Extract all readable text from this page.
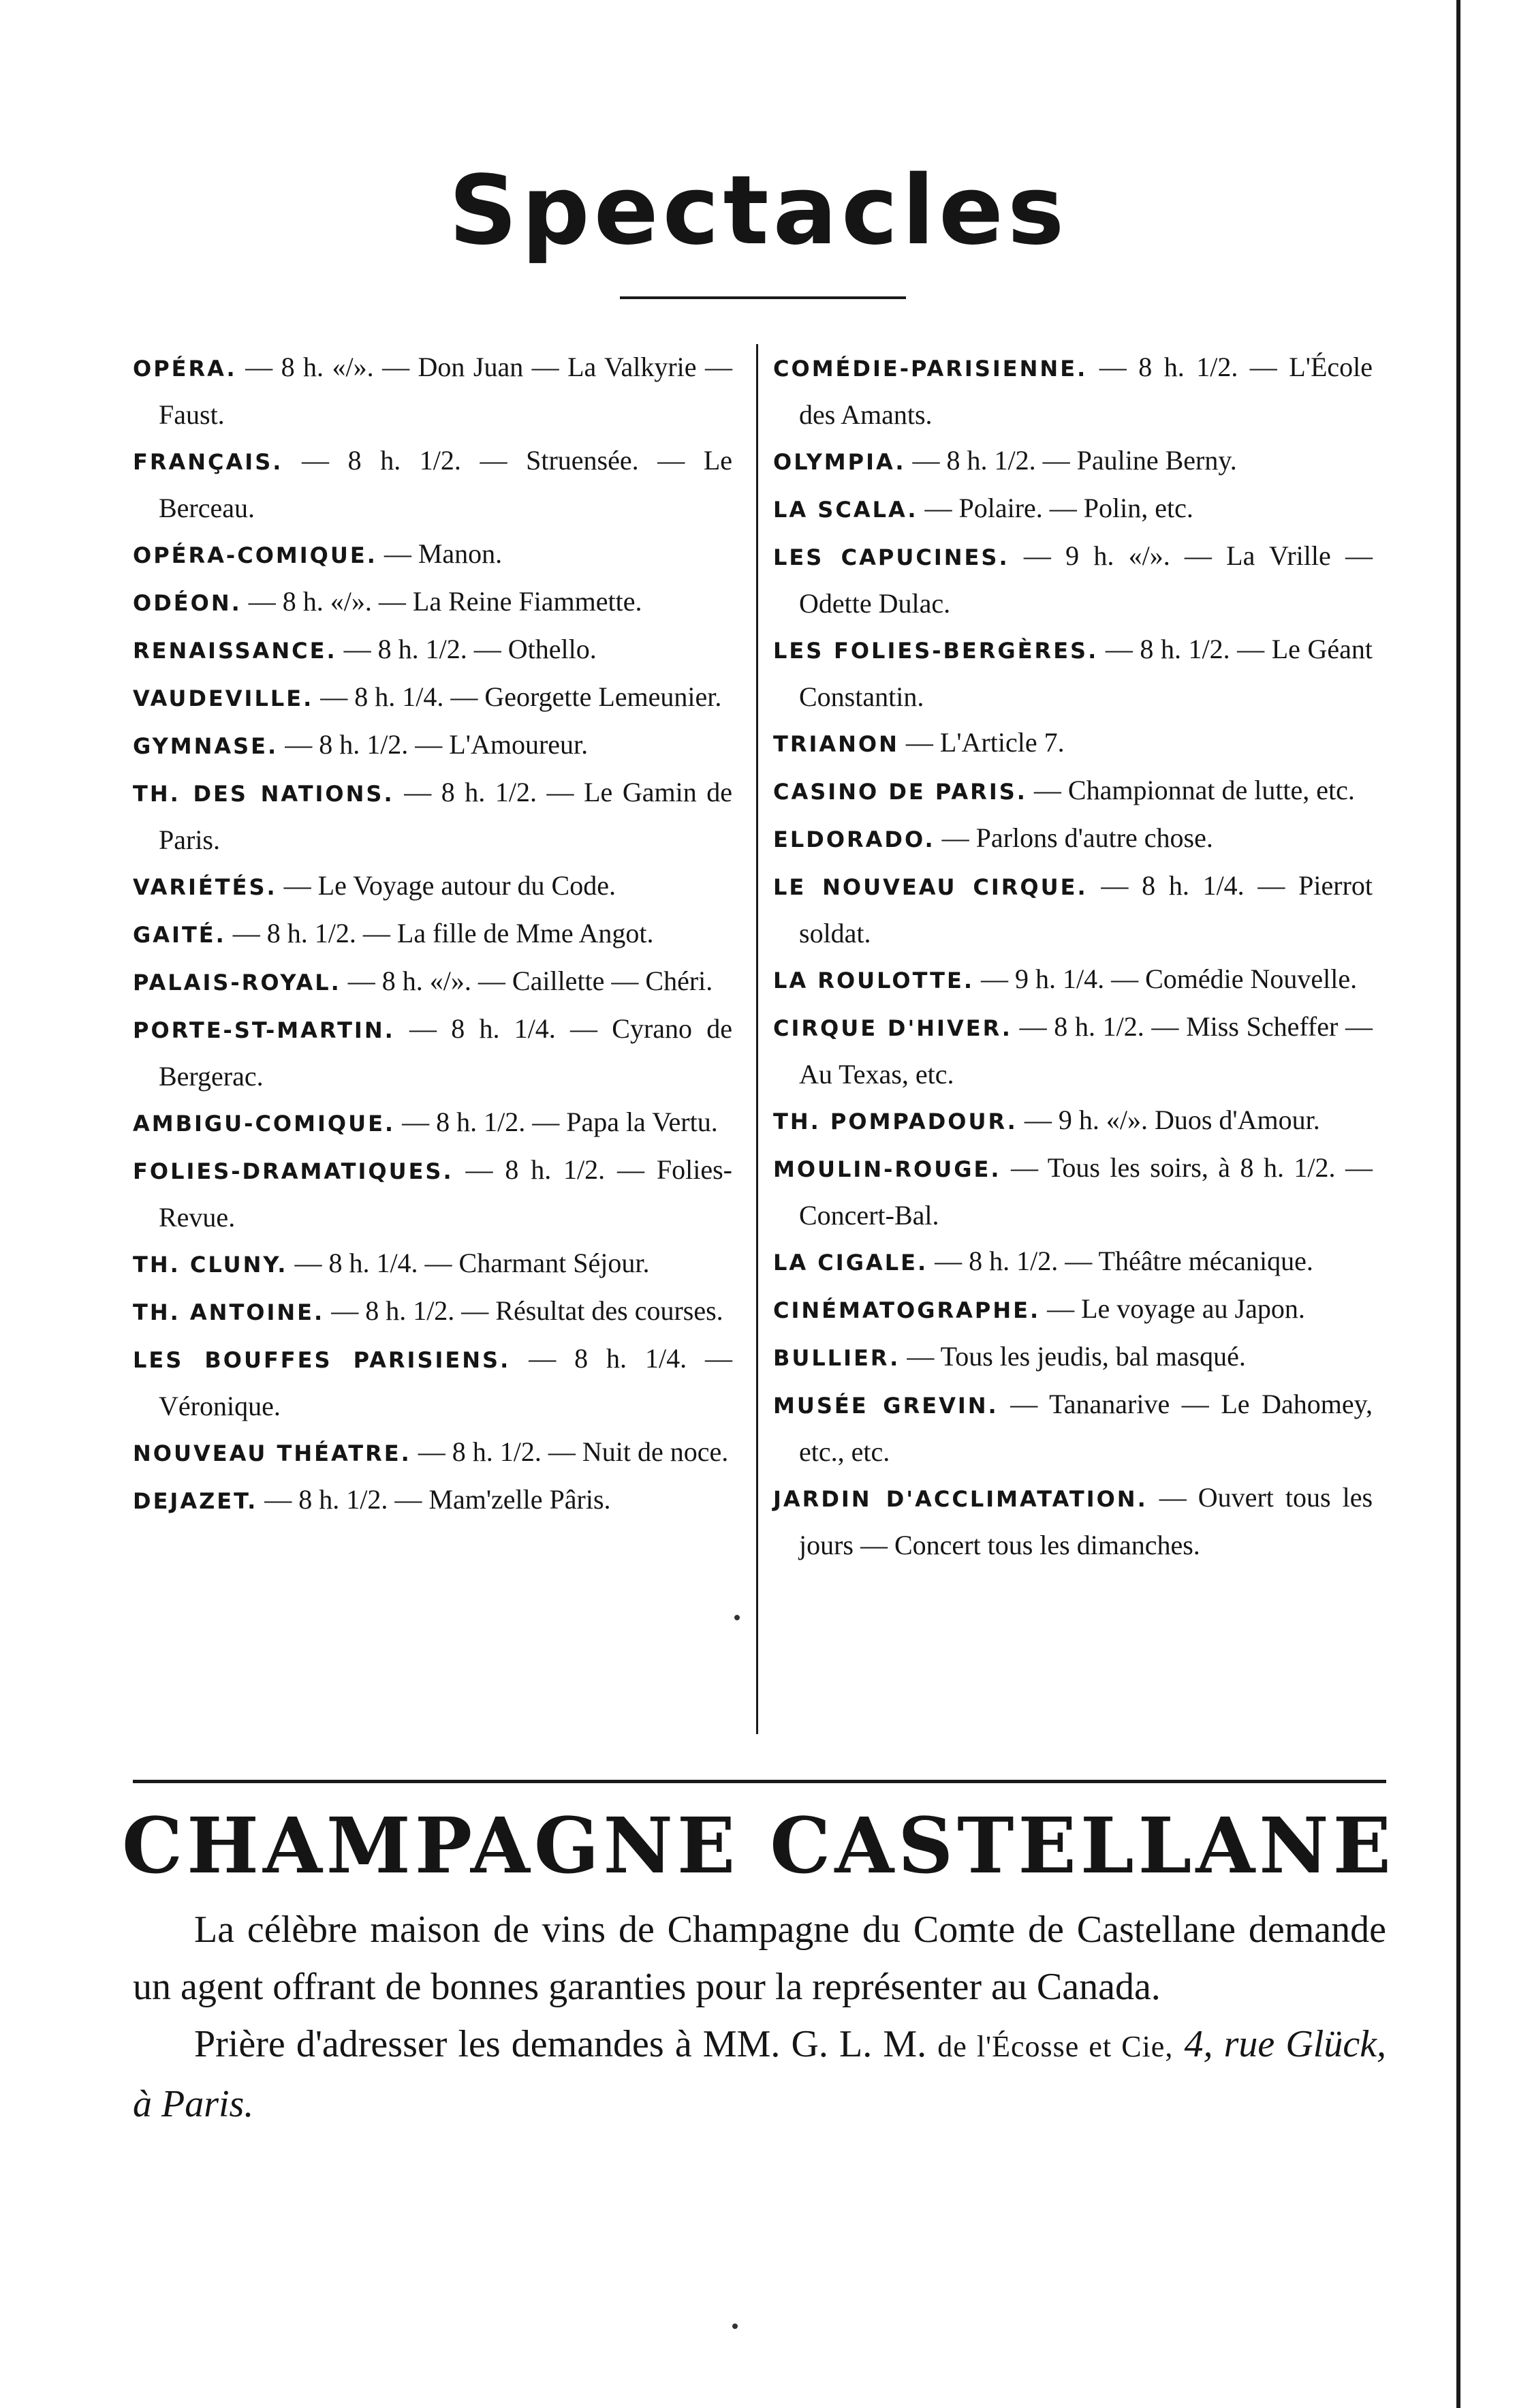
Spectacles

OPÉRA. — 8 h. «/». — Don Juan — La Valkyrie — Faust.

FRANÇAIS. — 8 h. 1/2. — Struensée. — Le Berceau.

OPÉRA-COMIQUE. — Manon.

ODÉON. — 8 h. «/». — La Reine Fiammette.

RENAISSANCE. — 8 h. 1/2. — Othello.

VAUDEVILLE. — 8 h. 1/4. — Georgette Lemeunier.

GYMNASE. — 8 h. 1/2. — L'Amoureur.

TH. DES NATIONS. — 8 h. 1/2. — Le Gamin de Paris.

VARIÉTÉS. — Le Voyage autour du Code.

GAITÉ. — 8 h. 1/2. — La fille de Mme Angot.

PALAIS-ROYAL. — 8 h. «/». — Caillette — Chéri.

PORTE-ST-MARTIN. — 8 h. 1/4. — Cyrano de Bergerac.

AMBIGU-COMIQUE. — 8 h. 1/2. — Papa la Vertu.

FOLIES-DRAMATIQUES. — 8 h. 1/2. — Folies-Revue.

TH. CLUNY. — 8 h. 1/4. — Charmant Séjour.

TH. ANTOINE. — 8 h. 1/2. — Résultat des courses.

LES BOUFFES PARISIENS. — 8 h. 1/4. — Véronique.

NOUVEAU THÉATRE. — 8 h. 1/2. — Nuit de noce.

DEJAZET. — 8 h. 1/2. — Mam'zelle Pâris.

COMÉDIE-PARISIENNE. — 8 h. 1/2. — L'École des Amants.

OLYMPIA. — 8 h. 1/2. — Pauline Berny.

LA SCALA. — Polaire. — Polin, etc.

LES CAPUCINES. — 9 h. «/». — La Vrille — Odette Dulac.

LES FOLIES-BERGÈRES. — 8 h. 1/2. — Le Géant Constantin.

TRIANON — L'Article 7.

CASINO DE PARIS. — Championnat de lutte, etc.

ELDORADO. — Parlons d'autre chose.

LE NOUVEAU CIRQUE. — 8 h. 1/4. — Pierrot soldat.

LA ROULOTTE. — 9 h. 1/4. — Comédie Nouvelle.

CIRQUE D'HIVER. — 8 h. 1/2. — Miss Scheffer — Au Texas, etc.

TH. POMPADOUR. — 9 h. «/». Duos d'Amour.

MOULIN-ROUGE. — Tous les soirs, à 8 h. 1/2. — Concert-Bal.

LA CIGALE. — 8 h. 1/2. — Théâtre mécanique.

CINÉMATOGRAPHE. — Le voyage au Japon.

BULLIER. — Tous les jeudis, bal masqué.

MUSÉE GREVIN. — Tananarive — Le Dahomey, etc., etc.

JARDIN D'ACCLIMATATION. — Ouvert tous les jours — Concert tous les dimanches.

CHAMPAGNE CASTELLANE

La célèbre maison de vins de Champagne du Comte de Castellane demande un agent offrant de bonnes garanties pour la représenter au Canada.

Prière d'adresser les demandes à MM. G. L. M. de l'Écosse et Cie, 4, rue Glück, à Paris.
